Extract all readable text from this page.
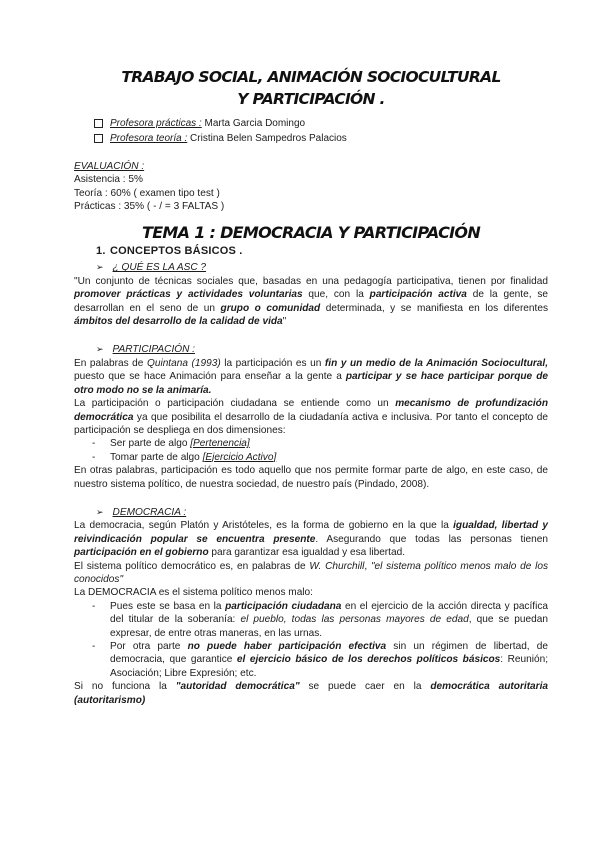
TRABAJO SOCIAL, ANIMACIÓN SOCIOCULTURAL
Y PARTICIPACIÓN .
Profesora prácticas : Marta Garcia Domingo
Profesora teoría : Cristina Belen Sampedros Palacios
EVALUACIÓN :
Asistencia : 5%
Teoría : 60% ( examen tipo test )
Prácticas : 35% ( - / = 3 FALTAS )
TEMA 1 : DEMOCRACIA Y PARTICIPACIÓN
1. CONCEPTOS BÁSICOS .
➢ ¿ QUÉ ES LA ASC ?
"Un conjunto de técnicas sociales que, basadas en una pedagogía participativa, tienen por finalidad promover prácticas y actividades voluntarias que, con la participación activa de la gente, se desarrollan en el seno de un grupo o comunidad determinada, y se manifiesta en los diferentes ámbitos del desarrollo de la calidad de vida"
➢ PARTICIPACIÓN :
En palabras de Quintana (1993) la participación es un fin y un medio de la Animación Sociocultural, puesto que se hace Animación para enseñar a la gente a participar y se hace participar porque de otro modo no se la animaría.
La participación o participación ciudadana se entiende como un mecanismo de profundización democrática ya que posibilita el desarrollo de la ciudadanía activa e inclusiva. Por tanto el concepto de participación se despliega en dos dimensiones:
-	Ser parte de algo [Pertenencia]
-	Tomar parte de algo [Ejercicio Activo]
En otras palabras, participación es todo aquello que nos permite formar parte de algo, en este caso, de nuestro sistema político, de nuestra sociedad, de nuestro país (Pindado, 2008).
➢ DEMOCRACIA :
La democracia, según Platón y Aristóteles, es la forma de gobierno en la que la igualdad, libertad y reivindicación popular se encuentra presente. Asegurando que todas las personas tienen participación en el gobierno para garantizar esa igualdad y esa libertad.
El sistema político democrático es, en palabras de W. Churchill, "el sistema político menos malo de los conocidos"
La DEMOCRACIA es el sistema político menos malo:
-	Pues este se basa en la participación ciudadana en el ejercicio de la acción directa y pacífica del titular de la soberanía: el pueblo, todas las personas mayores de edad, que se puedan expresar, de entre otras maneras, en las urnas.
-	Por otra parte no puede haber participación efectiva sin un régimen de libertad, de democracia, que garantice el ejercicio básico de los derechos políticos básicos: Reunión; Asociación; Libre Expresión; etc.
Si no funciona la "autoridad democrática" se puede caer en la democrática autoritaria (autoritarismo)
